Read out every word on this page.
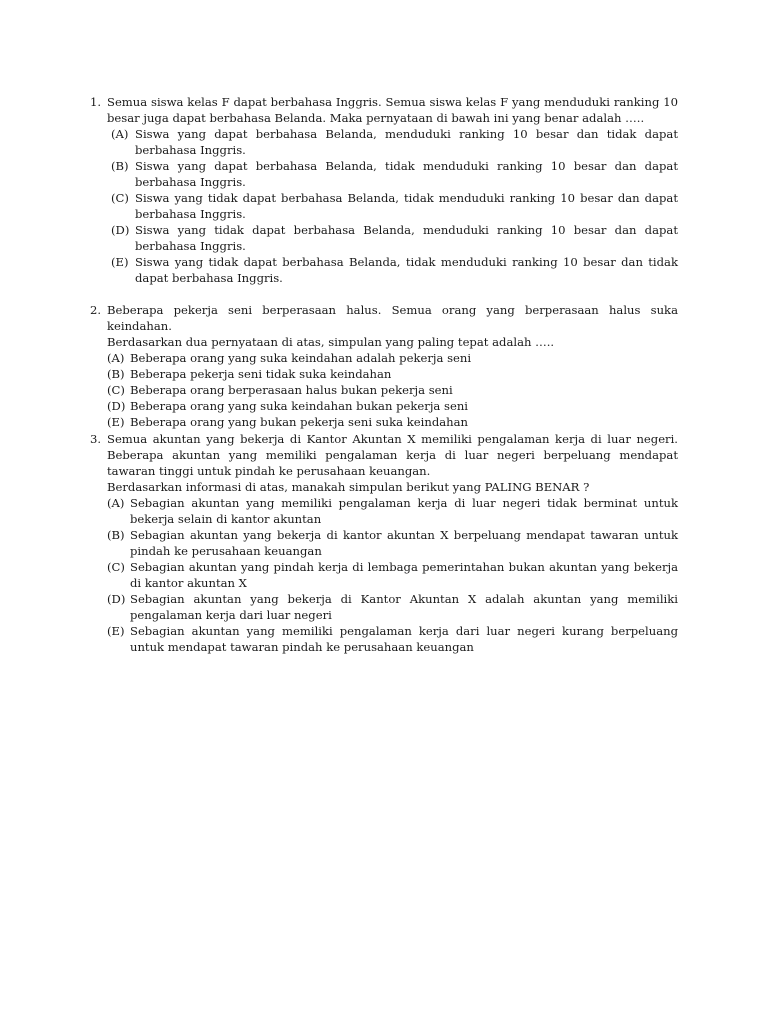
1. Semua siswa kelas F dapat berbahasa Inggris. Semua siswa kelas F yang menduduki ranking 10 besar juga dapat berbahasa Belanda. Maka pernyataan di bawah ini yang benar adalah …..

(A) Siswa yang dapat berbahasa Belanda, menduduki ranking 10 besar dan tidak dapat berbahasa Inggris.
(B) Siswa yang dapat berbahasa Belanda, tidak menduduki ranking 10 besar dan dapat berbahasa Inggris.
(C) Siswa yang tidak dapat berbahasa Belanda, tidak menduduki ranking 10 besar dan dapat berbahasa Inggris.
(D) Siswa yang tidak dapat berbahasa Belanda, menduduki ranking 10 besar dan dapat berbahasa Inggris.
(E) Siswa yang tidak dapat berbahasa Belanda, tidak menduduki ranking 10 besar dan tidak dapat berbahasa Inggris.
2. Beberapa pekerja seni berperasaan halus. Semua orang yang berperasaan halus suka keindahan.

Berdasarkan dua pernyataan di atas, simpulan yang paling tepat adalah …..

(A) Beberapa orang yang suka keindahan adalah pekerja seni
(B) Beberapa pekerja seni tidak suka keindahan
(C) Beberapa orang berperasaan halus bukan pekerja seni
(D) Beberapa orang yang suka keindahan bukan pekerja seni
(E) Beberapa orang yang bukan pekerja seni suka keindahan
3. Semua akuntan yang bekerja di Kantor Akuntan X memiliki pengalaman kerja di luar negeri. Beberapa akuntan yang memiliki pengalaman kerja di luar negeri berpeluang mendapat tawaran tinggi untuk pindah ke perusahaan keuangan.

Berdasarkan informasi di atas, manakah simpulan berikut yang PALING BENAR ?

(A) Sebagian akuntan yang memiliki pengalaman kerja di luar negeri tidak berminat untuk bekerja selain di kantor akuntan
(B) Sebagian akuntan yang bekerja di kantor akuntan X berpeluang mendapat tawaran untuk pindah ke perusahaan keuangan
(C) Sebagian akuntan yang pindah kerja di lembaga pemerintahan bukan akuntan yang bekerja di kantor akuntan X
(D) Sebagian akuntan yang bekerja di Kantor Akuntan X adalah akuntan yang memiliki pengalaman kerja dari luar negeri
(E) Sebagian akuntan yang memiliki pengalaman kerja dari luar negeri kurang berpeluang untuk mendapat tawaran pindah ke perusahaan keuangan
